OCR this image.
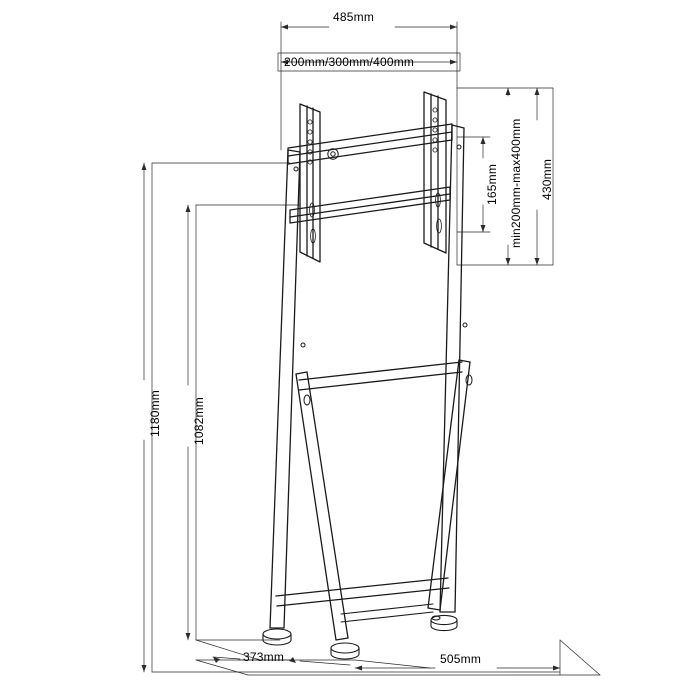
485mm
200mm/300mm/400mm
min200mm-max400mm 430mm
165mm
1180mm	1082mm
373mm	505mm
